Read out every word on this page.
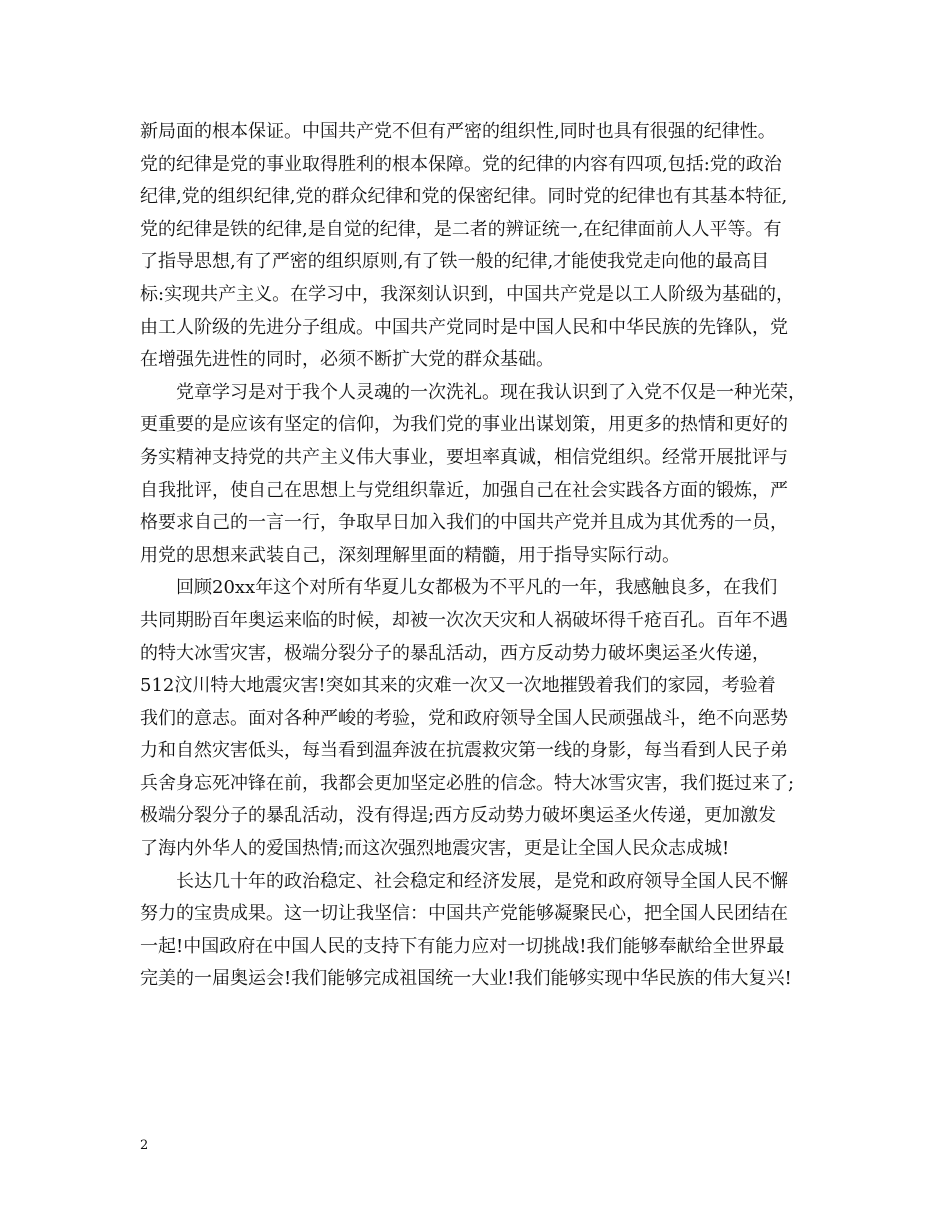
新局面的根本保证。中国共产党不但有严密的组织性,同时也具有很强的纪律性。
党的纪律是党的事业取得胜利的根本保障。党的纪律的内容有四项,包括:党的政治
纪律,党的组织纪律,党的群众纪律和党的保密纪律。同时党的纪律也有其基本特征,
党的纪律是铁的纪律,是自觉的纪律，是二者的辨证统一,在纪律面前人人平等。有
了指导思想,有了严密的组织原则,有了铁一般的纪律,才能使我党走向他的最高目
标:实现共产主义。在学习中，我深刻认识到，中国共产党是以工人阶级为基础的，
由工人阶级的先进分子组成。中国共产党同时是中国人民和中华民族的先锋队，党
在增强先进性的同时，必须不断扩大党的群众基础。
党章学习是对于我个人灵魂的一次洗礼。现在我认识到了入党不仅是一种光荣，
更重要的是应该有坚定的信仰，为我们党的事业出谋划策，用更多的热情和更好的
务实精神支持党的共产主义伟大事业，要坦率真诚，相信党组织。经常开展批评与
自我批评，使自己在思想上与党组织靠近，加强自己在社会实践各方面的锻炼，严
格要求自己的一言一行，争取早日加入我们的中国共产党并且成为其优秀的一员，
用党的思想来武装自己，深刻理解里面的精髓，用于指导实际行动。
回顾20xx年这个对所有华夏儿女都极为不平凡的一年，我感触良多，在我们
共同期盼百年奥运来临的时候，却被一次次天灾和人祸破坏得千疮百孔。百年不遇
的特大冰雪灾害，极端分裂分子的暴乱活动，西方反动势力破坏奥运圣火传递，
512汶川特大地震灾害!突如其来的灾难一次又一次地摧毁着我们的家园，考验着
我们的意志。面对各种严峻的考验，党和政府领导全国人民顽强战斗，绝不向恶势
力和自然灾害低头，每当看到温奔波在抗震救灾第一线的身影，每当看到人民子弟
兵舍身忘死冲锋在前，我都会更加坚定必胜的信念。特大冰雪灾害，我们挺过来了;
极端分裂分子的暴乱活动，没有得逞;西方反动势力破坏奥运圣火传递，更加激发
了海内外华人的爱国热情;而这次强烈地震灾害，更是让全国人民众志成城!
长达几十年的政治稳定、社会稳定和经济发展，是党和政府领导全国人民不懈
努力的宝贵成果。这一切让我坚信：中国共产党能够凝聚民心，把全国人民团结在
一起!中国政府在中国人民的支持下有能力应对一切挑战!我们能够奉献给全世界最
完美的一届奥运会!我们能够完成祖国统一大业!我们能够实现中华民族的伟大复兴!
2
